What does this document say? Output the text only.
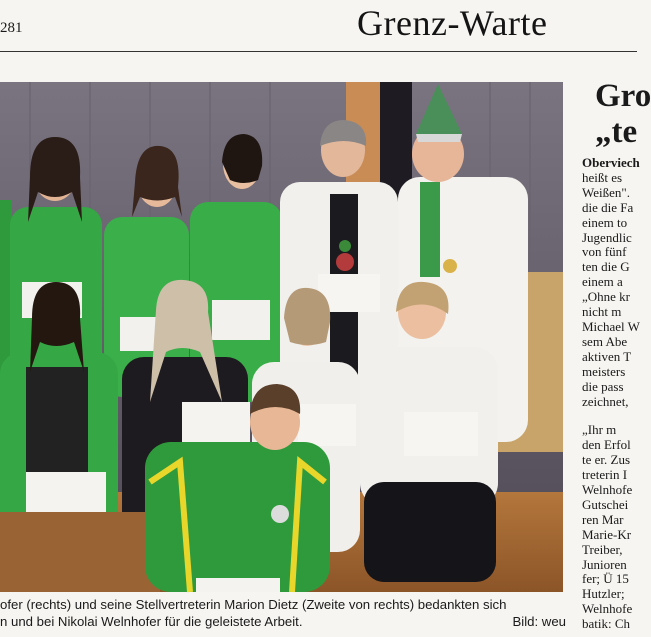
281	Grenz-Warte
ofer (rechts) und seine Stellvertreterin Marion Dietz (Zweite von rechts) bedankten sich
n und bei Nikolai Welnhofer für die geleistete Arbeit.	Bild: weu
Gro
„te
Oberviech
heißt es
Weißen".
die die Fa
einem to
Jugendlic
von fünf
ten die G
einem a
„Ohne kr
nicht m
Michael W
sem Abe
aktiven T
meisters
die pass
zeichnet,
„Ihr m
den Erfol
te er. Zus
treterin I
Welnhofe
Gutschei
ren Mar
Marie-Kr
Treiber,
Junioren
fer; Ü 15
Hutzler;
Welnhofe
batik: Ch
